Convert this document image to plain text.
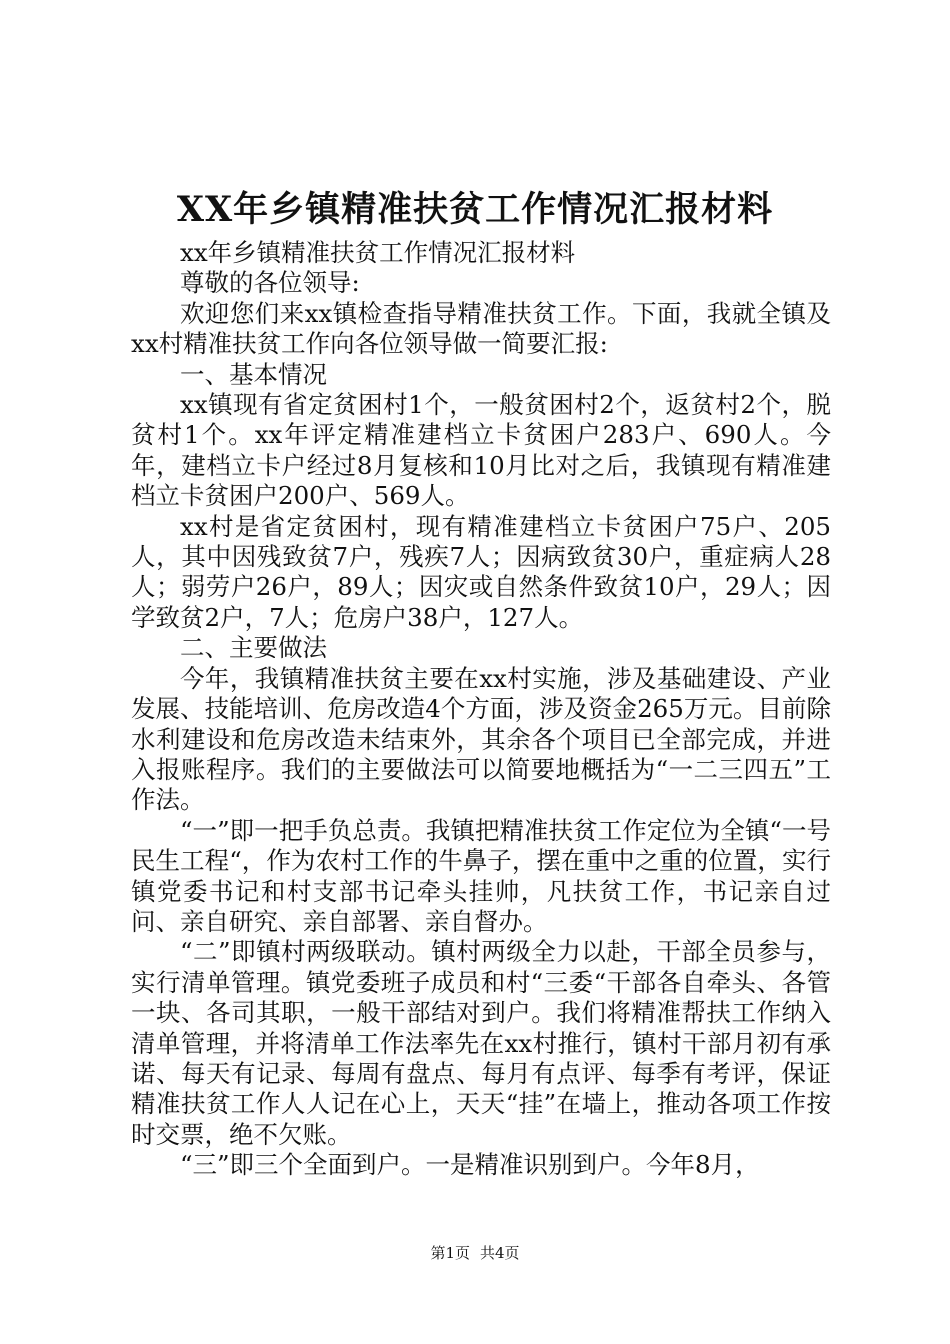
XX年乡镇精准扶贫工作情况汇报材料

xx年乡镇精准扶贫工作情况汇报材料

尊敬的各位领导:

欢迎您们来xx镇检查指导精准扶贫工作。下面，我就全镇及xx村精准扶贫工作向各位领导做一简要汇报:

一、基本情况

xx镇现有省定贫困村1个，一般贫困村2个，返贫村2个，脱贫村1个。xx年评定精准建档立卡贫困户283户、690人。今年，建档立卡户经过8月复核和10月比对之后，我镇现有精准建档立卡贫困户200户、569人。

xx村是省定贫困村，现有精准建档立卡贫困户75户、205人，其中因残致贫7户，残疾7人；因病致贫30户，重症病人28人；弱劳户26户，89人；因灾或自然条件致贫10户，29人；因学致贫2户，7人；危房户38户，127人。

二、主要做法

今年，我镇精准扶贫主要在xx村实施，涉及基础建设、产业发展、技能培训、危房改造4个方面，涉及资金265万元。目前除水利建设和危房改造未结束外，其余各个项目已全部完成，并进入报账程序。我们的主要做法可以简要地概括为“一二三四五”工作法。

“一”即一把手负总责。我镇把精准扶贫工作定位为全镇“一号民生工程“，作为农村工作的牛鼻子，摆在重中之重的位置，实行镇党委书记和村支部书记牵头挂帅，凡扶贫工作，书记亲自过问、亲自研究、亲自部署、亲自督办。

“二”即镇村两级联动。镇村两级全力以赴，干部全员参与，实行清单管理。镇党委班子成员和村“三委“干部各自牵头、各管一块、各司其职，一般干部结对到户。我们将精准帮扶工作纳入清单管理，并将清单工作法率先在xx村推行，镇村干部月初有承诺、每天有记录、每周有盘点、每月有点评、每季有考评，保证精准扶贫工作人人记在心上，天天“挂”在墙上，推动各项工作按时交票，绝不欠账。

“三”即三个全面到户。一是精准识别到户。今年8月，

第1页 共4页
